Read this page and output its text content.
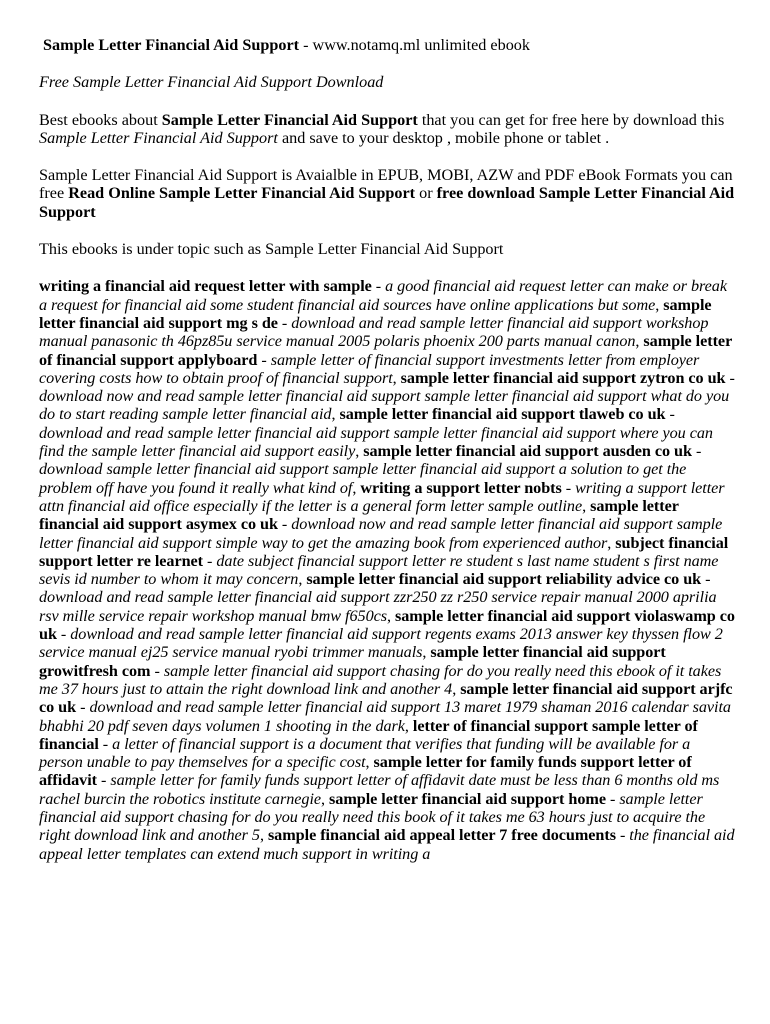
Sample Letter Financial Aid Support - www.notamq.ml unlimited ebook

Free Sample Letter Financial Aid Support Download

Best ebooks about Sample Letter Financial Aid Support that you can get for free here by download this Sample Letter Financial Aid Support and save to your desktop , mobile phone or tablet .

Sample Letter Financial Aid Support is Avaialble in EPUB, MOBI, AZW and PDF eBook Formats you can free Read Online Sample Letter Financial Aid Support or free download Sample Letter Financial Aid Support

This ebooks is under topic such as Sample Letter Financial Aid Support

writing a financial aid request letter with sample - a good financial aid request letter can make or break a request for financial aid some student financial aid sources have online applications but some, sample letter financial aid support mg s de - download and read sample letter financial aid support workshop manual panasonic th 46pz85u service manual 2005 polaris phoenix 200 parts manual canon, sample letter of financial support applyboard - sample letter of financial support investments letter from employer covering costs how to obtain proof of financial support, sample letter financial aid support zytron co uk - download now and read sample letter financial aid support sample letter financial aid support what do you do to start reading sample letter financial aid, sample letter financial aid support tlaweb co uk - download and read sample letter financial aid support sample letter financial aid support where you can find the sample letter financial aid support easily, sample letter financial aid support ausden co uk - download sample letter financial aid support sample letter financial aid support a solution to get the problem off have you found it really what kind of, writing a support letter nobts - writing a support letter attn financial aid office especially if the letter is a general form letter sample outline, sample letter financial aid support asymex co uk - download now and read sample letter financial aid support sample letter financial aid support simple way to get the amazing book from experienced author, subject financial support letter re learnet - date subject financial support letter re student s last name student s first name sevis id number to whom it may concern, sample letter financial aid support reliability advice co uk - download and read sample letter financial aid support zzr250 zz r250 service repair manual 2000 aprilia rsv mille service repair workshop manual bmw f650cs, sample letter financial aid support violaswamp co uk - download and read sample letter financial aid support regents exams 2013 answer key thyssen flow 2 service manual ej25 service manual ryobi trimmer manuals, sample letter financial aid support growitfresh com - sample letter financial aid support chasing for do you really need this ebook of it takes me 37 hours just to attain the right download link and another 4, sample letter financial aid support arjfc co uk - download and read sample letter financial aid support 13 maret 1979 shaman 2016 calendar savita bhabhi 20 pdf seven days volumen 1 shooting in the dark, letter of financial support sample letter of financial - a letter of financial support is a document that verifies that funding will be available for a person unable to pay themselves for a specific cost, sample letter for family funds support letter of affidavit - sample letter for family funds support letter of affidavit date must be less than 6 months old ms rachel burcin the robotics institute carnegie, sample letter financial aid support home - sample letter financial aid support chasing for do you really need this book of it takes me 63 hours just to acquire the right download link and another 5, sample financial aid appeal letter 7 free documents - the financial aid appeal letter templates can extend much support in writing a
